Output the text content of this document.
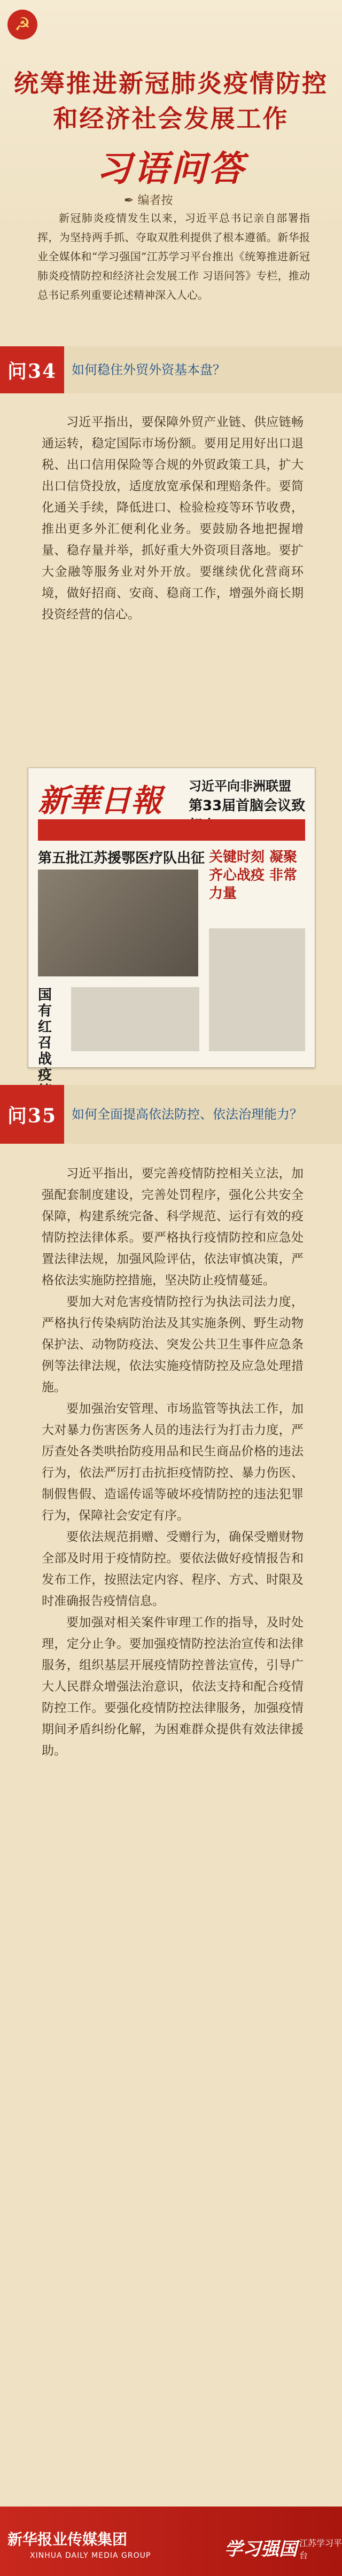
☭
统筹推进新冠肺炎疫情防控
和经济社会发展工作
习语问答
✒ 编者按
新冠肺炎疫情发生以来，习近平总书记亲自部署指挥，为坚持两手抓、夺取双胜利提供了根本遵循。新华报业全媒体和“学习强国”江苏学习平台推出《统筹推进新冠肺炎疫情防控和经济社会发展工作 习语问答》专栏，推动总书记系列重要论述精神深入人心。
问34	如何稳住外贸外资基本盘？

习近平指出，要保障外贸产业链、供应链畅通运转，稳定国际市场份额。要用足用好出口退税、出口信用保险等合规的外贸政策工具，扩大出口信贷投放，适度放宽承保和理赔条件。要简化通关手续，降低进口、检验检疫等环节收费，推出更多外汇便利化业务。要鼓励各地把握增量、稳存量并举，抓好重大外资项目落地。要扩大金融等服务业对外开放。要继续优化营商环境，做好招商、安商、稳商工作，增强外商长期投资经营的信心。

新華日報 习近平向非洲联盟
第33届首脑会议致
第五批江苏援鄂医疗队出征 关键时刻 凝聚齐心战疫 非常力量
国有红召战疫
问35	如何全面提高依法防控、依法治理能力？

习近平指出，要完善疫情防控相关立法，加强配套制度建设，完善处罚程序，强化公共安全保障，构建系统完备、科学规范、运行有效的疫情防控法律体系。要严格执行疫情防控和应急处置法律法规，加强风险评估，依法审慎决策，严格依法实施防控措施，坚决防止疫情蔓延。

要加大对危害疫情防控行为执法司法力度，严格执行传染病防治法及其实施条例、野生动物保护法、动物防疫法、突发公共卫生事件应急条例等法律法规，依法实施疫情防控及应急处理措施。

要加强治安管理、市场监管等执法工作，加大对暴力伤害医务人员的违法行为打击力度，严厉查处各类哄抬防疫用品和民生商品价格的违法行为，依法严厉打击抗拒疫情防控、暴力伤医、制假售假、造谣传谣等破坏疫情防控的违法犯罪行为，保障社会安定有序。

要依法规范捐赠、受赠行为，确保受赠财物全部及时用于疫情防控。要依法做好疫情报告和发布工作，按照法定内容、程序、方式、时限及时准确报告疫情信息。

要加强对相关案件审理工作的指导，及时处理，定分止争。要加强疫情防控法治宣传和法律服务，组织基层开展疫情防控普法宣传，引导广大人民群众增强法治意识，依法支持和配合疫情防控工作。要强化疫情防控法律服务，加强疫情期间矛盾纠纷化解，为困难群众提供有效法律援助。

新华报业传媒集团
XINHUA DAILY MEDIA GROUP	学习强国 江苏学习平台
